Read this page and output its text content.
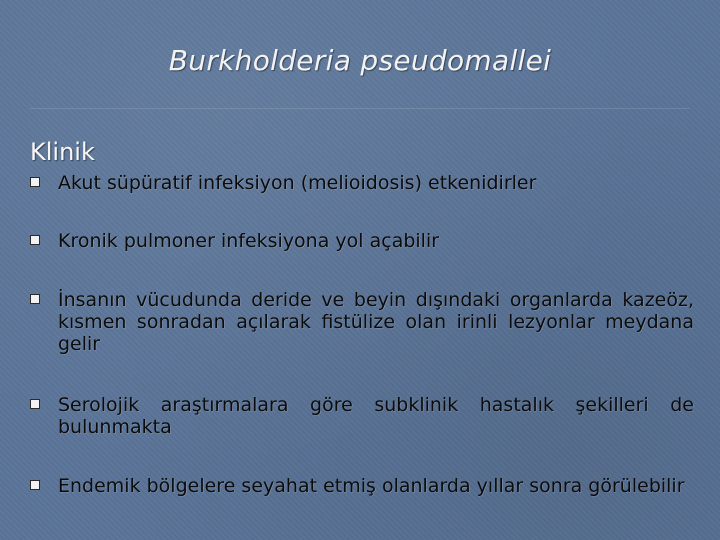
Burkholderia pseudomallei
Klinik
Akut süpüratif infeksiyon (melioidosis) etkenidirler
Kronik pulmoner infeksiyona yol açabilir
İnsanın vücudunda deride ve beyin dışındaki organlarda kazeöz, kısmen sonradan açılarak fistülize olan irinli lezyonlar meydana gelir
Serolojik araştırmalara göre subklinik hastalık şekilleri de bulunmakta
Endemik bölgelere seyahat etmiş olanlarda yıllar sonra görülebilir
